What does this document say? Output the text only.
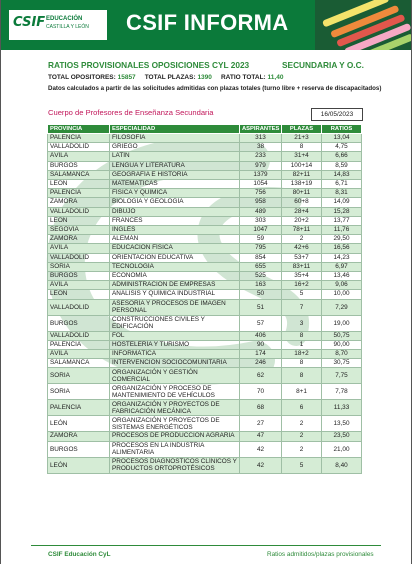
CSIF EDUCACIÓN
CASTILLA Y LEÓN CSIF INFORMA
RATIOS PROVISIONALES OPOSICIONES CYL 2023	SECUNDARIA Y O.C.
TOTAL OPOSITORES: 15857 TOTAL PLAZAS: 1390 RATIO TOTAL: 11,40
Datos calculados a partir de las solicitudes admitidas con plazas totales (turno libre + reserva de discapacitados)
Cuerpo de Profesores de Enseñanza Secundaria	16/05/2023
PROVINCIA	ESPECIALIDAD	ASPIRANTES	PLAZAS	RATIOS
PALENCIA	FILOSOFÍA	313	21+3	13,04
VALLADOLID	GRIEGO	38	8	4,75
ÁVILA	LATÍN	233	31+4	6,66
BURGOS	LENGUA Y LITERATURA	979	100+14	8,59
SALAMANCA	GEOGRAFÍA E HISTORIA	1379	82+11	14,83
LEÓN	MATEMÁTICAS	1054	138+19	6,71
PALENCIA	FÍSICA Y QUÍMICA	756	80+11	8,31
ZAMORA	BIOLOGÍA Y GEOLOGÍA	958	60+8	14,09
VALLADOLID	DIBUJO	489	28+4	15,28
LEÓN	FRANCÉS	303	20+2	13,77
SEGOVIA	INGLÉS	1047	78+11	11,76
ZAMORA	ALEMÁN	59	2	29,50
ÁVILA	EDUCACIÓN FÍSICA	795	42+6	16,56
VALLADOLID	ORIENTACIÓN EDUCATIVA	854	53+7	14,23
SORIA	TECNOLOGÍA	655	83+11	6,97
BURGOS	ECONOMÍA	525	35+4	13,46
ÁVILA	ADMINISTRACIÓN DE EMPRESAS	163	16+2	9,06
LEÓN	ANÁLISIS Y QUÍMICA INDUSTRIAL	50	5	10,00
VALLADOLID	ASESORÍA Y PROCESOS DE IMAGEN PERSONAL	51	7	7,29
BURGOS	CONSTRUCCIONES CIVILES Y EDIFICACIÓN	57	3	19,00
VALLADOLID	FOL	406	8	50,75
PALENCIA	HOSTELERÍA Y TURISMO	90	1	90,00
ÁVILA	INFORMÁTICA	174	18+2	8,70
SALAMANCA	INTERVENCIÓN SOCIOCOMUNITARIA	246	8	30,75
SORIA	ORGANIZACIÓN Y GESTIÓN COMERCIAL	62	8	7,75
SORIA	ORGANIZACIÓN Y PROCESO DE MANTENIMIENTO DE VEHÍCULOS	70	8+1	7,78
PALENCIA	ORGANIZACIÓN Y PROYECTOS DE FABRICACIÓN MECÁNICA	68	6	11,33
LEÓN	ORGANIZACIÓN Y PROYECTOS DE SISTEMAS ENERGÉTICOS	27	2	13,50
ZAMORA	PROCESOS DE PRODUCCIÓN AGRARIA	47	2	23,50
BURGOS	PROCESOS EN LA INDUSTRIA ALIMENTARIA	42	2	21,00
LEÓN	PROCESOS DIAGNÓSTICOS CLÍNICOS Y PRODUCTOS ORTOPROTÉSICOS	42	5	8,40
CSIF Educación CyL	Ratios admitidos/plazas provisionales
